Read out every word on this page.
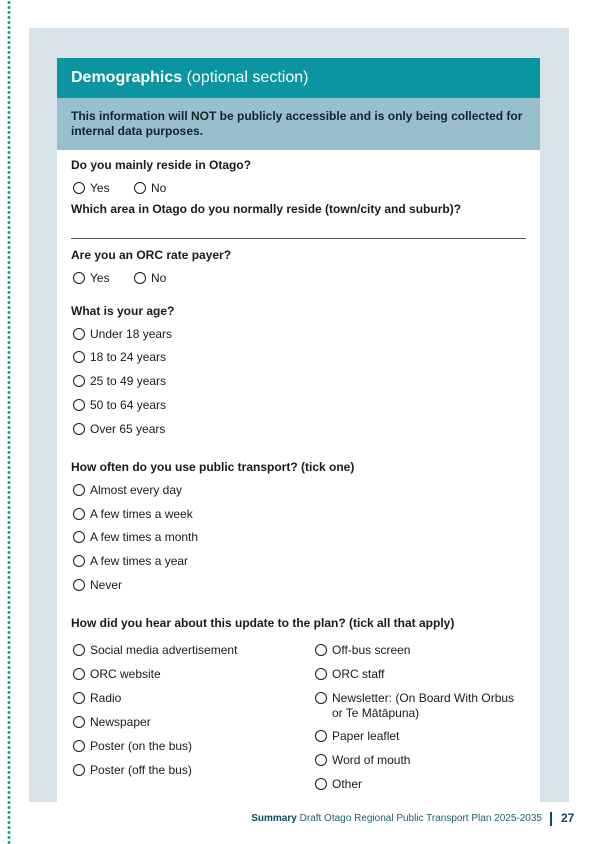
Demographics (optional section)
This information will NOT be publicly accessible and is only being collected for internal data purposes.
Do you mainly reside in Otago?
Yes	No
Which area in Otago do you normally reside (town/city and suburb)?
Are you an ORC rate payer?
Yes	No
What is your age?
Under 18 years
18 to 24 years
25 to 49 years
50 to 64 years
Over 65 years
How often do you use public transport? (tick one)
Almost every day
A few times a week
A few times a month
A few times a year
Never
How did you hear about this update to the plan? (tick all that apply)
Social media advertisement
ORC website
Radio
Newspaper
Poster (on the bus)
Poster (off the bus)
Off-bus screen
ORC staff
Newsletter: (On Board With Orbus or Te Mātāpuna)
Paper leaflet
Word of mouth
Other
Summary Draft Otago Regional Public Transport Plan 2025-2035 27
